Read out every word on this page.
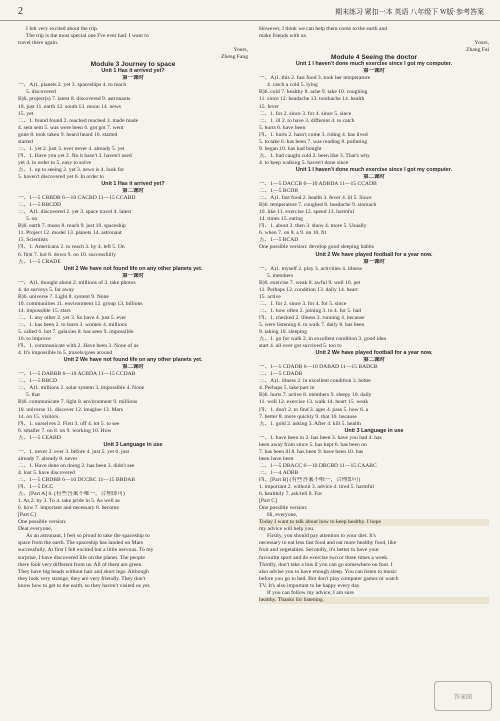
2	期末练习 紧扣一本 英语 八年级下 W版·参考答案
I felt very excited about the trip.
The trip is the most special one I've ever had. I want to
travel there again.
Yours,
Zheng Fang
Module 3 Journey to space
Unit 1 Has it arrived yet?
第一课时
一、A)1. planets 2. yet 3. spaceships 4. to reach
5. discovered
B)6. project(s) 7. latest 8. discovered 9. astronauts
10. just 11. earth 12. south 13. moon 14. news
15. yet
二、1. found found 2. reached reached 3. made made
4. sent sent 5. was were been 6. got got 7. went
gone 8. took taken 9. heard heard 10. started
started
三、1. yet 2. just 3. ever never 4. already 5. yet
四、1. Have you yet 2. No it hasn't 3. haven't used
yet 4. in order to 5. easy to solve
五、1. up to seeing 2. yet 3. news is 4. look for
5. haven't discovered yet 6. In order to
Unit 1 Has it arrived yet?
第二课时
一、1—5 CBBDB 6—10 CACBD 11—15 CCABD
二、1—5 BBCDD
三、A)1. discovered 2. yet 3. space travel 4. latest
5. on
B)6. earth 7. moon 8. reach 9. just 10. spaceship
11. Project 12. model 13. planets 14. astronaut
15. Scientists
四、1. Americans 2. to reach 3. by 4. left 5. On
6. first 7. hot 8. down 9. on 10. successfully
五、1—5 CRADE
Unit 2 We have not found life on any other planets yet.
第一课时
一、A)1. thought about 2. millions of 3. take photos
4. do surveys 5. far away
B)6. universe 7. Light 8. system 9. None
10. communities 11. environment 12. group 13. billions
14. impossible 15. stars
二、1. any other 2. yet 3. So have 4. just 5. ever
三、1. has been 2. to learn 3. women 4. millions
5. called 6. hot 7. galaxies 8. has seen 9. impossible
10. to improve
四、1. communicate with 2. Have been 3. None of us
4. It's impossible to 5. travels/goes around
Unit 2 We have not found life on any other planets yet.
第二课时
一、1—5 DABBB 6—10 ACBDA 11—15 CCDAB
二、1—5 BBCD
三、A)1. millions 2. solar system 3. impossible 4. None
5. that
B)6. communicate 7. light 8. environment 9. millions
10. universe 11. discover 12. imagine 13. Mars
14. on 15. visitors
四、1. ourselves 2. First 3. off 4. lot 5. to see
6. smaller 7. on 8. on 9. working 10. How
五、1—5 CEABD
Unit 3 Language in use
一、1. never 2. ever 3. before 4. just 5. yet 6. just
already 7. already 8. never
二、1. Have done on doing 2. has been 3. didn't see
4. lost 5. have discovered
三、1—5 CBDBB 6—10 DCCBC 11—15 BBDAB
四、1—5 DCC
五、[Part A] 6. (有些答案不唯一，合理即可)
1. As 2. by 3. To 4. take pride in 5. As well as
6. how 7. important and necessary 8. become
[Part C]
One possible version:
Dear everyone,
As an astronaut, I feel so proud to take the spaceship to
space from the earth. The spaceship has landed on Mars
successfully. At first I felt excited but a little nervous. To my
surprise, I have discovered life on the planet. The people
there look very different from us. All of them are green.
They have big heads without hair and short legs. Although
they look very strange, they are very friendly. They don't
know how to get to the earth, so they haven't visited us yet.
However, I think we can help them come to the earth and
make friends with us.
Yours,
Zhang Fai
Module 4 Seeing the doctor
Unit 1 I haven't done much exercise since I got my computer.
第一课时
一、A)1. this 2. fast food 3. took her temperature
4. catch a cold 5. lying
B)6. cold 7. healthy 8. ache 9. take 10. coughing
11. since 12. headache 13. toothache 14. health
15. fever
二、1. for 2. since 3. for 4. since 5. since
三、1. ill 2. to have 3. different 4. to catch
5. hurts 6. have been
四、1. hurts 2. hasn't come 3. riding 4. has lived
5. to take 6. has been 7. was reading 8. polluting
9. began 10. has had bought
五、1. had caught cold 2. been like 3. That's why
4. to keep walking 5. haven't done since
Unit 1 I haven't done much exercise since I got my computer.
第二课时
一、1—5 DACCB 6—10 ADBDA 11—15 CCADB
二、1—5 BCDB
三、A)1. fast food 2. health 3. fever 4. ill 5. Since
B)6. temperature 7. coughed 8. headache 9. stomach
10. like 11. exercise 12. spend 13. harmful
14. times 15. eating
四、1. about 2. then 3. show 4. more 5. Usually
6. when 7. on 8. a 9. on 10. fit
五、1—5 BCAD
One possible version: develop good sleeping habits
Unit 2 We have played football for a year now.
第一课时
一、A)1. myself 2. play 3. activities 4. illness
5. members
B)6. exercise 7. weak 8. awful 9. well 10. pet
11. Perhaps 12. condition 13. daily 14. heart
15. active
二、1. for 2. since 3. for 4. for 5. since
三、1. how often 2. joining 3. to 4. for 5. had
四、1. checked 2. illness 3. running 4. because
5. were listening 6. to walk 7. daily 8. has been
9. taking 10. sleeping
五、1. go for walk 2. in excellent condition 3. good idea
start 4. all over got survived 5. too to
Unit 2 We have played football for a year now.
第二课时
一、1—5 CDADB 6—10 DABAD 11—15 BADCB
二、1—5 CDADB
三、A)1. illness 2. in excellent condition 3. better
4. Perhaps 5. take part in
B)6. hurts 7. active 8. members 9. sleepy 10. daily
11. well 12. exercise 13. walk 14. heart 15. weak
四、1. don't 2. to find 3. ages 4. pass 5. how 6. a
7. better 8. more quickly 9. that 10. because
五、1. gold 2. asking 3. After 4. kill 5. health
Unit 3 Language in use
一、1. have been in 2. has been 3. have you had 4. has
been away from since 5. has kept 6. has been on
7. has been ill 8. has been 9. have been 10. has
been have been
二、1—5 DBACC 6—10 DBCBD 11—15 CAABC
三、1—4 ADBB
四、[Part B] (有些答案不唯一，合理即可)
1. important 2. without 3. advice 4. tired 5. harmful
6. healthily 7. ask/tell 8. For
[Part C]
One possible version:
Hi, everyone,
Today I want to talk about how to keep healthy. I hope
my advice will help you.
Firstly, you should pay attention to your diet. It's
necessary to eat less fast food and eat more healthy food, like
fruit and vegetables. Secondly, it's better to have your
favourite sport and do exercise two or three times a week.
Thirdly, don't take a bus if you can go somewhere on foot. I
also advise you to have enough sleep. You can listen to music
before you go to bed. But don't play computer games or watch
TV. It's also important to be happy every day.
If you can follow my advice, I am sure
healthy. Thanks for listening.
答案圈
